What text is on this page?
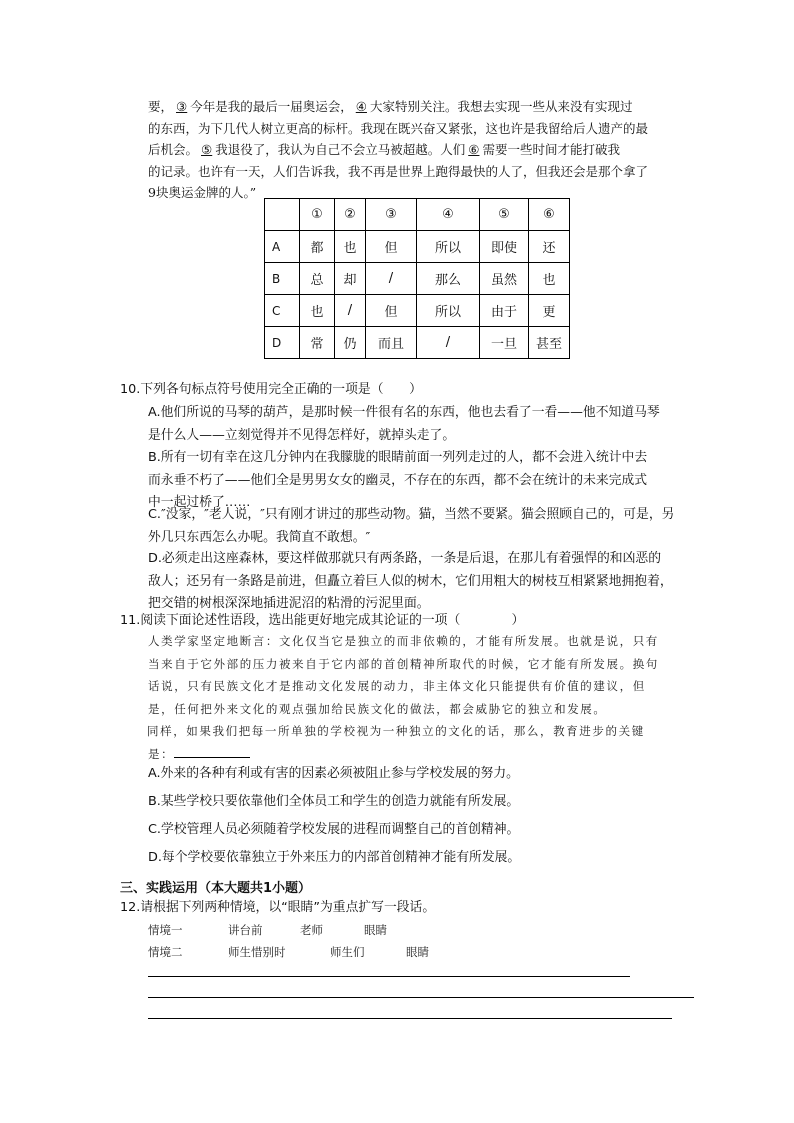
要， ③ 今年是我的最后一届奥运会， ④ 大家特别关注。我想去实现一些从来没有实现过
的东西，为下几代人树立更高的标杆。我现在既兴奋又紧张，这也许是我留给后人遗产的最
后机会。 ⑤ 我退役了，我认为自己不会立马被超越。人们 ⑥ 需要一些时间才能打破我
的记录。也许有一天，人们告诉我，我不再是世界上跑得最快的人了，但我还会是那个拿了
9块奥运金牌的人。”
	①	②	③	④	⑤	⑥
A	都	也	但	所以	即使	还
B	总	却	/	那么	虽然	也
C	也	/	但	所以	由于	更
D	常	仍	而且	/	一旦	甚至
10.下列各句标点符号使用完全正确的一项是（　　）
A.他们所说的马琴的葫芦，是那时候一件很有名的东西，他也去看了一看——他不知道马琴
是什么人——立刻觉得并不见得怎样好，就掉头走了。
B.所有一切有幸在这几分钟内在我朦胧的眼睛前面一列列走过的人，都不会进入统计中去
而永垂不朽了——他们全是男男女女的幽灵，不存在的东西，都不会在统计的未来完成式
中一起过桥了……
C.″没家，″老人说，″只有刚才讲过的那些动物。猫，当然不要紧。猫会照顾自己的，可是，另
外几只东西怎么办呢。我简直不敢想。″
D.必须走出这座森林，要这样做那就只有两条路，一条是后退，在那儿有着强悍的和凶恶的
敌人；还另有一条路是前进，但矗立着巨人似的树木，它们用粗大的树枝互相紧紧地拥抱着，
把交错的树根深深地插进泥沼的粘滑的污泥里面。
11.阅读下面论述性语段，选出能更好地完成其论证的一项（　　　　）
人类学家坚定地断言：文化仅当它是独立的而非依赖的，才能有所发展。也就是说，只有
当来自于它外部的压力被来自于它内部的首创精神所取代的时候，它才能有所发展。换句
话说，只有民族文化才是推动文化发展的动力，非主体文化只能提供有价值的建议，但
是，任何把外来文化的观点强加给民族文化的做法，都会威胁它的独立和发展。
同样，如果我们把每一所单独的学校视为一种独立的文化的话，那么，教育进步的关键
是：
A.外来的各种有利或有害的因素必须被阻止参与学校发展的努力。
B.某些学校只要依靠他们全体员工和学生的创造力就能有所发展。
C.学校管理人员必须随着学校发展的进程而调整自己的首创精神。
D.每个学校要依靠独立于外来压力的内部首创精神才能有所发展。
三、实践运用（本大题共1小题）
12.请根据下列两种情境，以“眼睛”为重点扩写一段话。
情境一	讲台前	老师	眼睛
情境二	师生惜别时	师生们	眼睛
